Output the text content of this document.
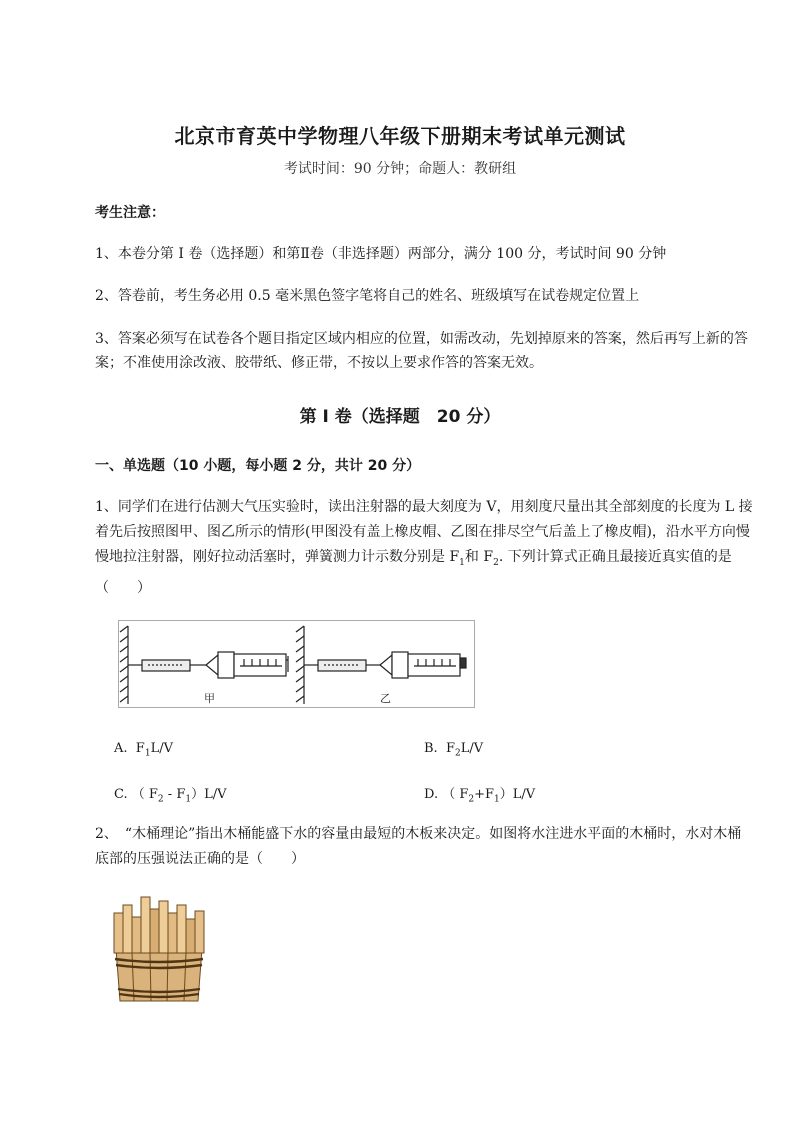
北京市育英中学物理八年级下册期末考试单元测试
考试时间：90 分钟；命题人：教研组
考生注意：
1、本卷分第 I 卷（选择题）和第Ⅱ卷（非选择题）两部分，满分 100 分，考试时间 90 分钟
2、答卷前，考生务必用 0.5 毫米黑色签字笔将自己的姓名、班级填写在试卷规定位置上
3、答案必须写在试卷各个题目指定区域内相应的位置，如需改动，先划掉原来的答案，然后再写上新的答案；不准使用涂改液、胶带纸、修正带，不按以上要求作答的答案无效。
第 I 卷（选择题　20 分）
一、单选题（10 小题，每小题 2 分，共计 20 分）
1、同学们在进行估测大气压实验时，读出注射器的最大刻度为 V，用刻度尺量出其全部刻度的长度为 L 接着先后按照图甲、图乙所示的情形(甲图没有盖上橡皮帽、乙图在排尽空气后盖上了橡皮帽)，沿水平方向慢慢地拉注射器，刚好拉动活塞时，弹簧测力计示数分别是 $F_1$和 $F_2$. 下列计算式正确且最接近真实值的是（　　）
甲	乙
A. $F_1L/V$	B. $F_2L/V$
C. （ $F_2 - F_1)L/V$	D. （ $F_2+F_1)L/V$
2、　“木桶理论”指出木桶能盛下水的容量由最短的木板来决定。如图将水注进水平面的木桶时，水对木桶底部的压强说法正确的是（　　）
